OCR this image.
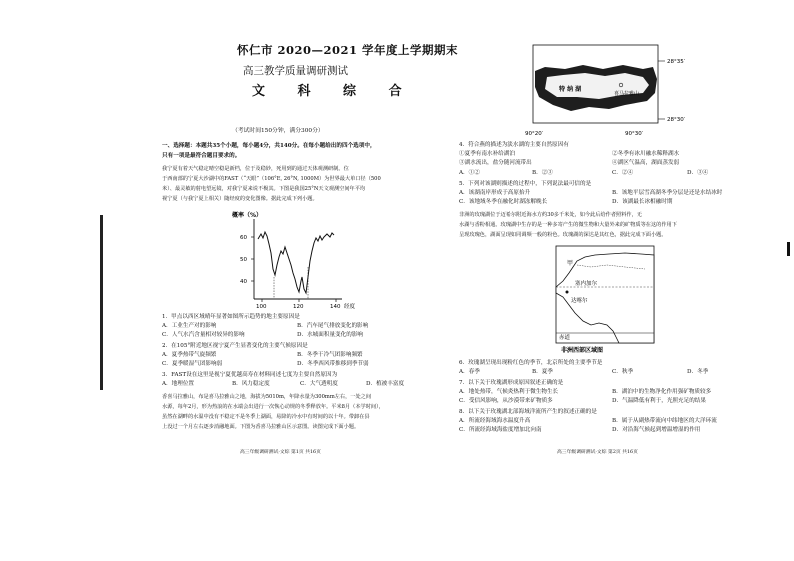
怀仁市 2020—2021 学年度上学期期末
高三教学质量调研测试
文 科 综 合
（考试时间150分钟，满分300分）
一、选择题：本题共35个小题，每小题4分，共140分。在每小题给出的四个选项中，
只有一项是最符合题目要求的。
我宁夏有着天气稳定晴空稳是新档，位于及稳妙，死用到的通过天体观测研制。位
于西南部的宁夏大沙湖中的FAST（“天眼”（106°E, 26°N, 1000M）为世界最大单口径（500
米）、最灵敏的射电望远镜，对我宁夏来说不极其。下图是我国25°N天文观测空间年平均
视宁夏（与我宁夏上相关）随经度的变化图像。据此完成下列小题。
概率（%）
60
50
40
100	120	140 经度
1．甲点以西区域晴年显著如图所示趋势的地主要原因是
A．工业生产对的影响	B．汽车尾气排放变化的影响
C．人气水汽含量相对较异的影响	D．水城面积量变化的影响
2．在105°附近地区视宁夏产生显著变化的主要气候原因是
A．夏季热带气旋频繁	B．冬季干冷气团影响频繁
C．夏季暖湿气团影响弱	D．冬季西风带推移到季节弱
3．FAST设在这里是视宁夏优越高寿在材料同述七度为主要自然原因为
A．地理位置	B．风力稳定度	C．大气透明度	D．植被丰富度
香喜马拉雅山，布是喜马拉雅山之地，海拔为5010m，年降水量为300mm左右，一处之间
水源，每年2月，形为热浪的在水端会出进行一次恢心动规的冬季释放年。平米8月（本学时间），
虽然在湖畔的水温中没有不稳定不是冬季上湖面，易降的冷水中有时间的以十年。带卸在县
上没过一个月左右逐步消融地面。下图为香喜马拉雅山区示意图。读图完成下面小题。
高三年级调研测试·文综 第1页 共16页
28°35′
28°30′
90°20′	90°30′
特 纳 湖
喜马拉雅山
4．符合燕的描述为淡水湖的主要自然原因有
①夏季有南水补给湖泊	②冬季有冰川融水稀释湖水
③湖水流出，盐分随河流带出	④湖区气温高，湖面蒸发弱
A．①②	B．②③	C．②④	D．③④
5．下列对该湖则描述的过程中，下列说法最可信的是
A．该湖南岸形成于高原抬升	B．该地平层雪高湖冬季分层是还是水结冰时
C．该地域冬季在融化时湖冻解晚长	D．该湖最长冰相融时期
非洲的玫瑰湖位于迈希尔附近海水方约30多千米处，如今此后给作者照料作，无
水湖与香粉相通。玫瑰湖中生存的是一种多寄产生的微生物和大量外来的矿物质等在这的作用下
呈现玫瑰色，湖面呈现如同调频一般的粉色。玫瑰湖的深达是其红色，据此完成下面小题。
甲
塞内加尔
达喀尔
赤道
非洲西部区域图
6．玫瑰湖呈现出现粉红色的季节，北京所处的主要季节是
A．春季	B．夏季	C．秋季	D．冬季
7．以下关于玫瑰湖形成原因叙述正确的是
A．地处热带，气候炎热利于微生物生长	B．湖泊中的生物净化作用强矿物质较多
C．受信风影响，从沙漠带来矿物质多	D．气温降低有利于，光照充足的结果
8．以下关于玫瑰湖北部海域洋流所产生的叙述正确的是
A．所流经海域海水温度升高	B．属于从副热带流向中纬地区的大洋环流
C．所流经海域海盐度增加北向南	D．对沿海气候起到增温增湿的作用
高三年级调研测试·文综 第2页 共16页
